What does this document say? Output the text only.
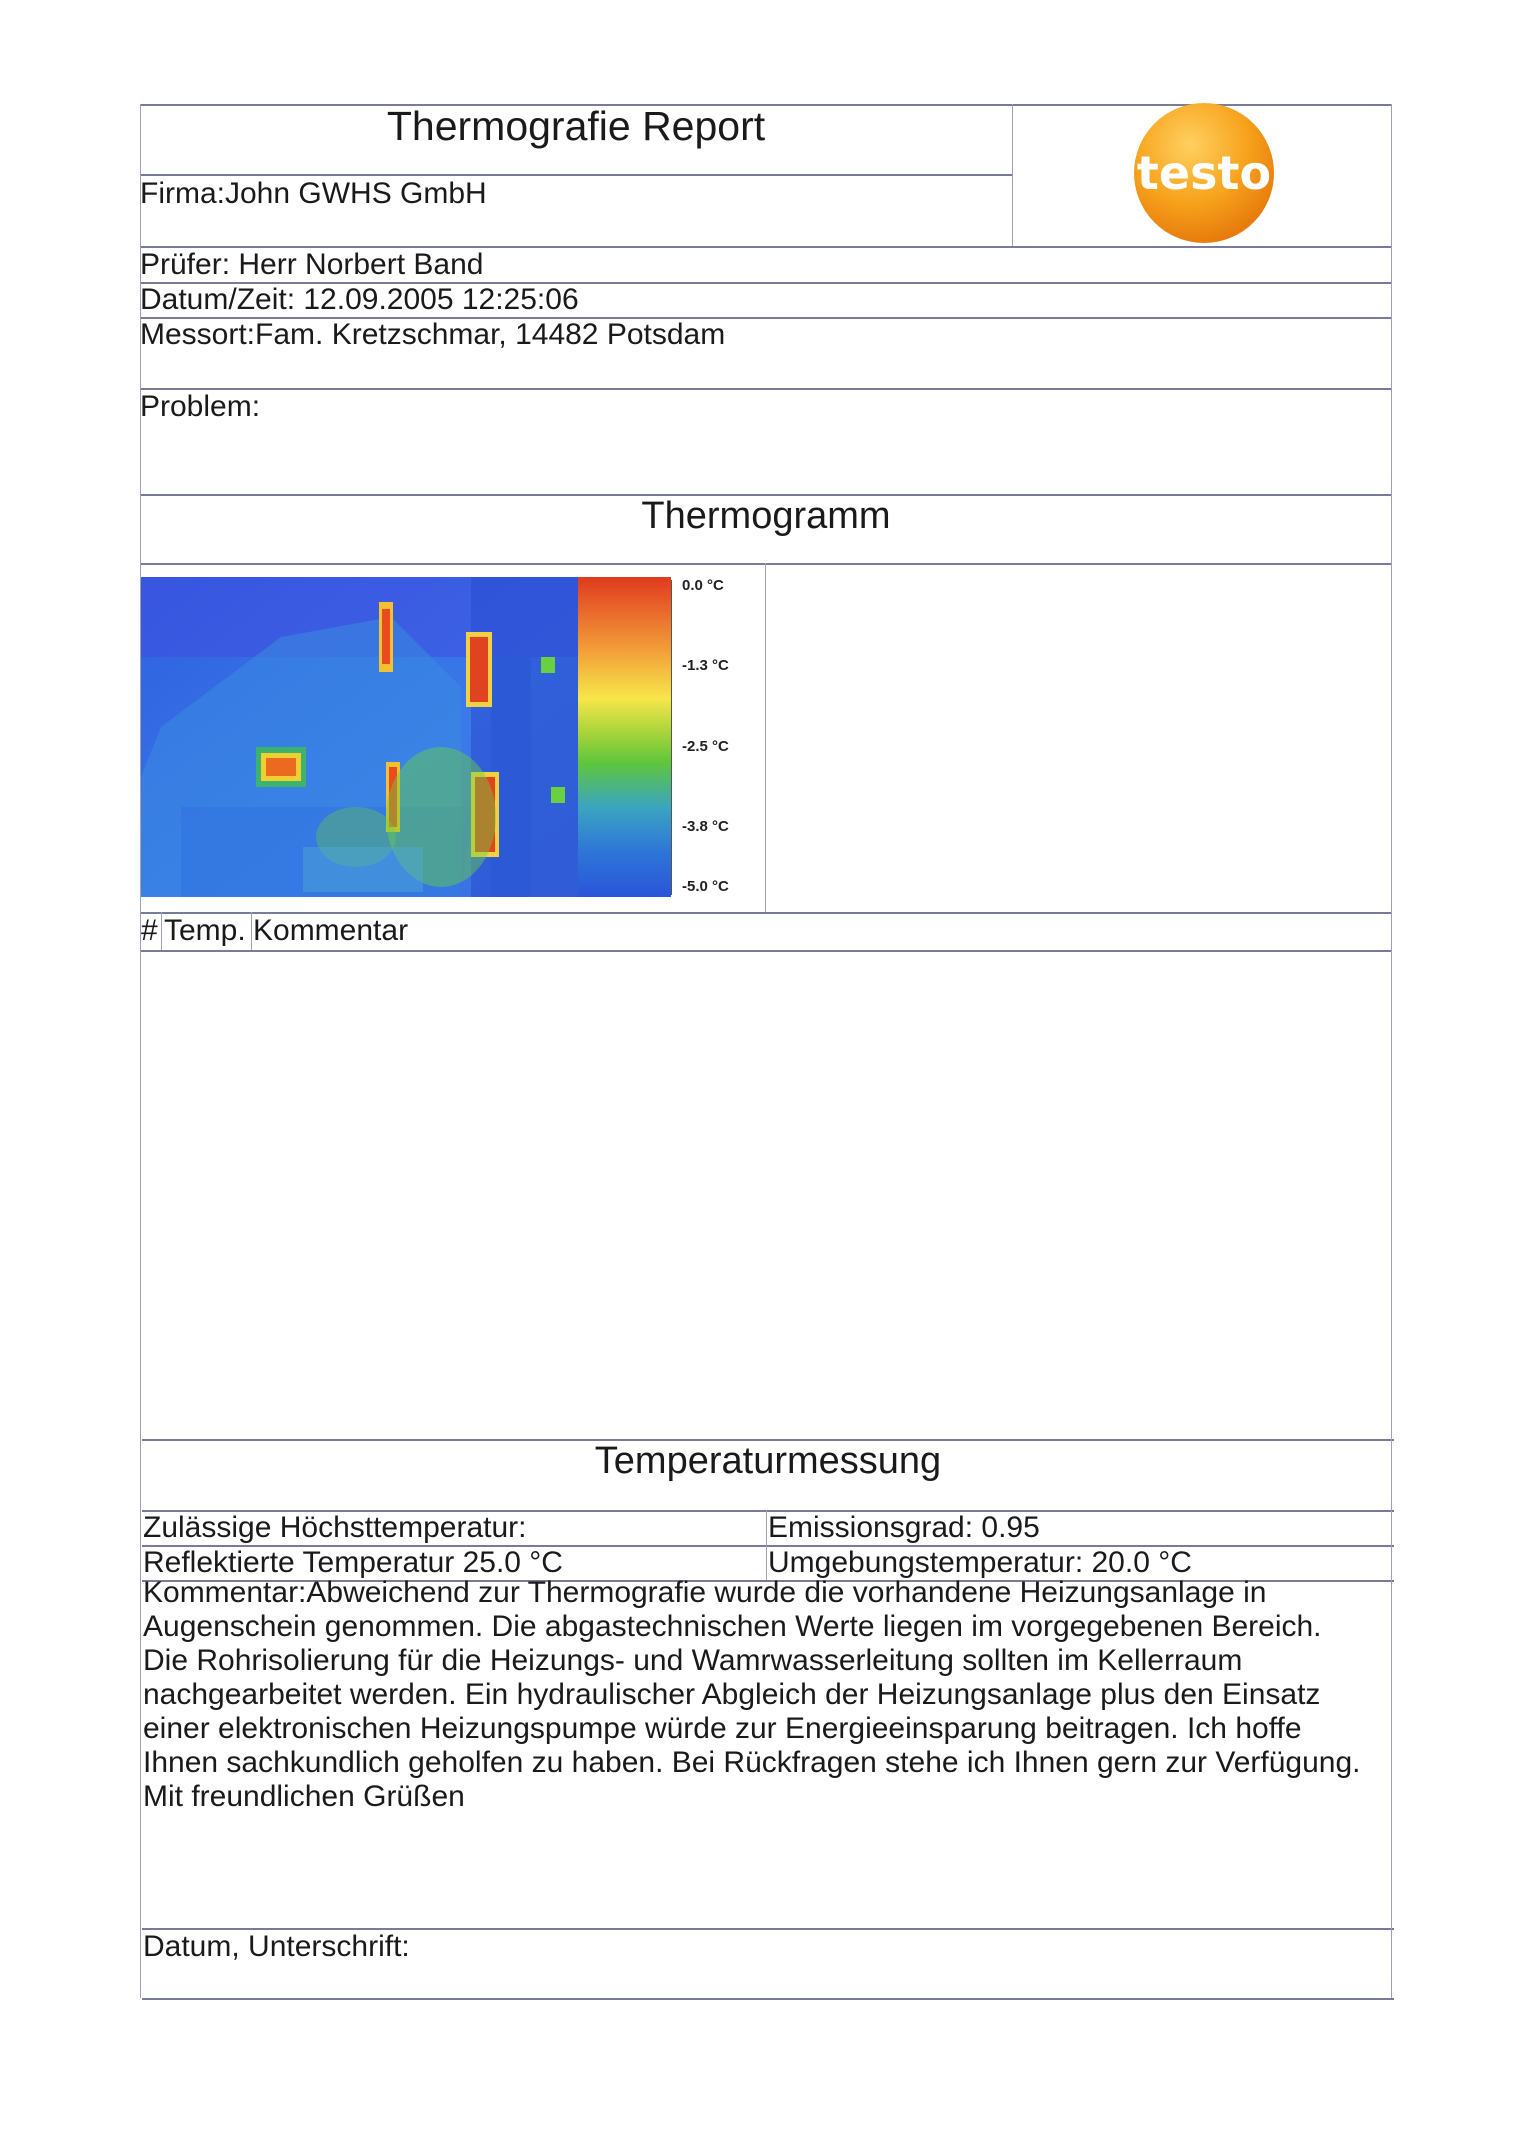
Thermografie Report
Firma:John GWHS GmbH	testo
Prüfer: Herr Norbert Band
Datum/Zeit: 12.09.2005 12:25:06
Messort:Fam. Kretzschmar, 14482 Potsdam
Problem:
Thermogramm
0.0 °C
-1.3 °C
-2.5 °C
-3.8 °C
-5.0 °C
# Temp. Kommentar
Temperaturmessung
Zulässige Höchsttemperatur:	Emissionsgrad: 0.95
Reflektierte Temperatur 25.0 °C	Umgebungstemperatur: 20.0 °C

Kommentar:Abweichend zur Thermografie wurde die vorhandene Heizungsanlage in

Augenschein genommen. Die abgastechnischen Werte liegen im vorgegebenen Bereich.

Die Rohrisolierung für die Heizungs- und Wamrwasserleitung sollten im Kellerraum

nachgearbeitet werden. Ein hydraulischer Abgleich der Heizungsanlage plus den Einsatz

einer elektronischen Heizungspumpe würde zur Energieeinsparung beitragen. Ich hoffe

Ihnen sachkundlich geholfen zu haben. Bei Rückfragen stehe ich Ihnen gern zur Verfügung.

Mit freundlichen Grüßen

Datum, Unterschrift:
